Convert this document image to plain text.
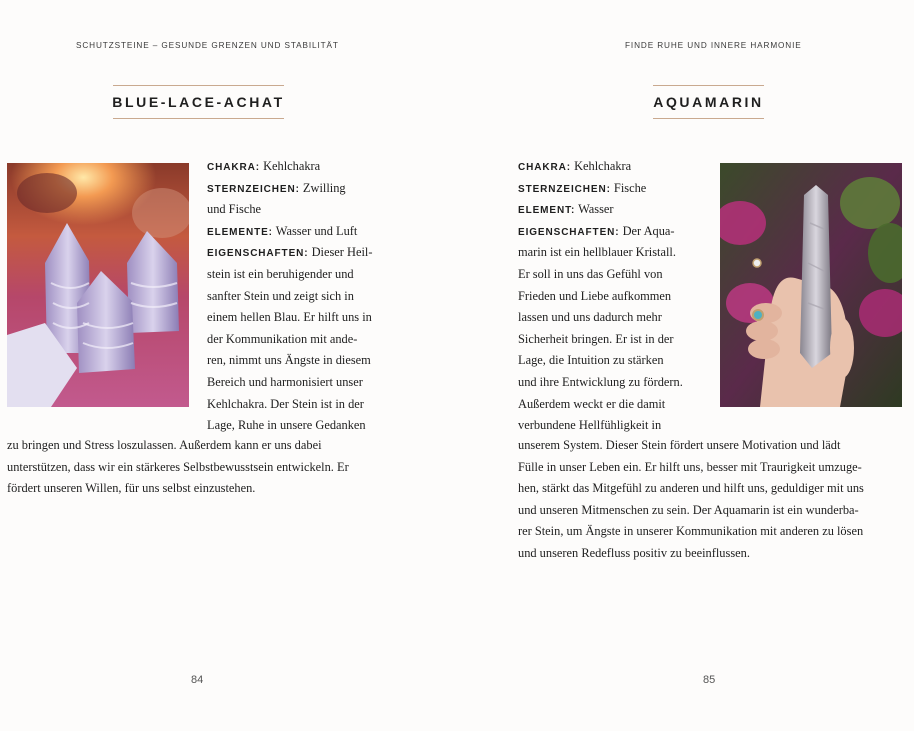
SCHUTZSTEINE – GESUNDE GRENZEN UND STABILITÄT
BLUE-LACE-ACHAT
CHAKRA: Kehlchakra
STERNZEICHEN: Zwilling
und Fische
ELEMENTE: Wasser und Luft
EIGENSCHAFTEN: Dieser Heil-
stein ist ein beruhigender und
sanfter Stein und zeigt sich in
einem hellen Blau. Er hilft uns in
der Kommunikation mit ande-
ren, nimmt uns Ängste in diesem
Bereich und harmonisiert unser
Kehlchakra. Der Stein ist in der
Lage, Ruhe in unsere Gedanken
zu bringen und Stress loszulassen. Außerdem kann er uns dabei
unterstützen, dass wir ein stärkeres Selbstbewusstsein entwickeln. Er
fördert unseren Willen, für uns selbst einzustehen.
84
FINDE RUHE UND INNERE HARMONIE
AQUAMARIN
CHAKRA: Kehlchakra
STERNZEICHEN: Fische
ELEMENT: Wasser
EIGENSCHAFTEN: Der Aqua-
marin ist ein hellblauer Kristall.
Er soll in uns das Gefühl von
Frieden und Liebe aufkommen
lassen und uns dadurch mehr
Sicherheit bringen. Er ist in der
Lage, die Intuition zu stärken
und ihre Entwicklung zu fördern.
Außerdem weckt er die damit
verbundene Hellfühligkeit in
unserem System. Dieser Stein fördert unsere Motivation und lädt
Fülle in unser Leben ein. Er hilft uns, besser mit Traurigkeit umzuge-
hen, stärkt das Mitgefühl zu anderen und hilft uns, geduldiger mit uns
und unseren Mitmenschen zu sein. Der Aquamarin ist ein wunderba-
rer Stein, um Ängste in unserer Kommunikation mit anderen zu lösen
und unseren Redefluss positiv zu beeinflussen.
85
